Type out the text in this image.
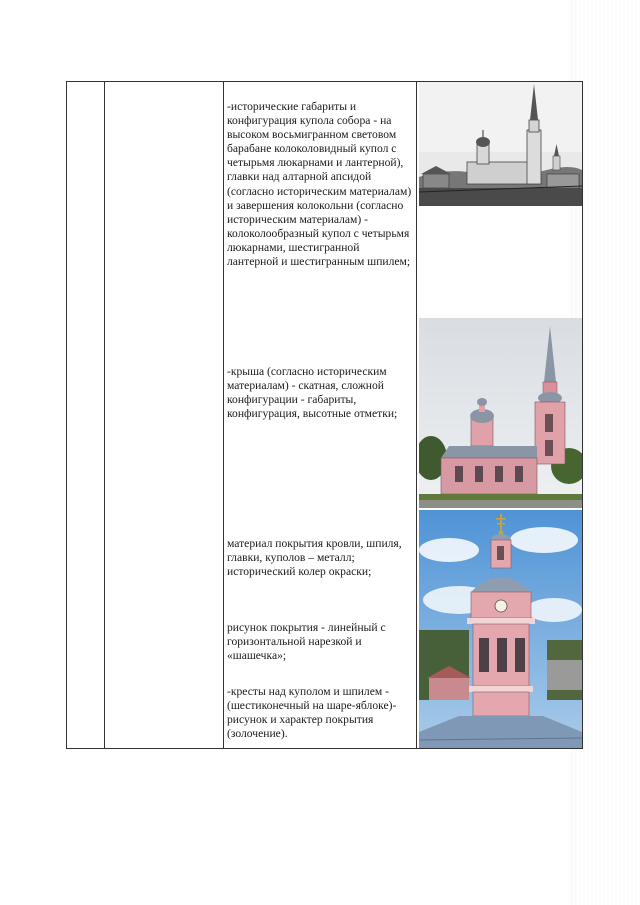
-исторические габариты и конфигурация купола собора - на высоком восьмигранном световом барабане колоколовидный купол с четырьмя люкарнами и лантерной), главки над алтарной апсидой (согласно историческим материалам) и завершения колокольни (согласно историческим материалам) - колоколообразный купол с четырьмя люкарнами, шестигранной лантерной и шестигранным шпилем;
-крыша (согласно историческим материалам) - скатная, сложной конфигурации - габариты, конфигурация, высотные отметки;
материал покрытия кровли, шпиля, главки, куполов – металл; исторический колер окраски;
рисунок покрытия - линейный с горизонтальной нарезкой и «шашечка»;
-кресты над куполом и шпилем - (шестиконечный на шаре-яблоке)- рисунок и характер покрытия (золочение).
